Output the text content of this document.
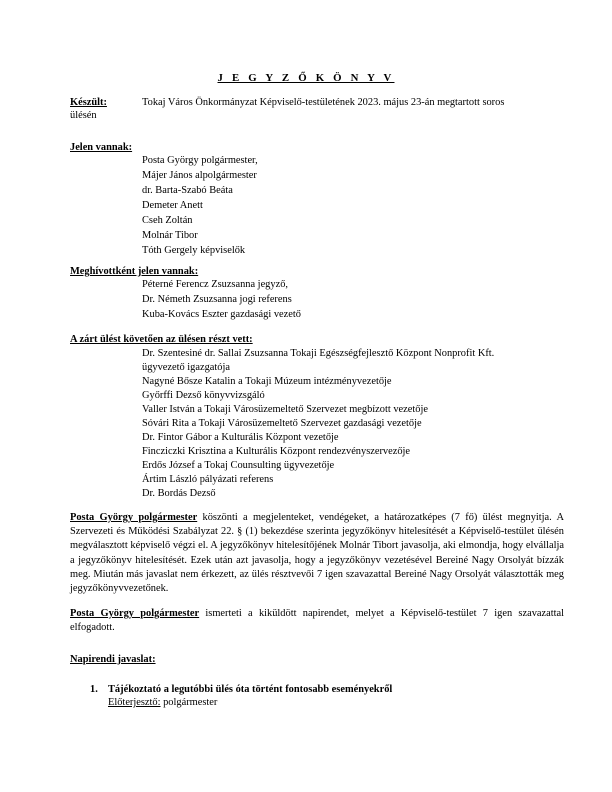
J E G Y Z Ő K Ö N Y V
Készült:	Tokaj Város Önkormányzat Képviselő-testületének 2023. május 23-án megtartott soros
ülésén
Jelen vannak:
Posta György polgármester,
Májer János alpolgármester
dr. Barta-Szabó Beáta
Demeter Anett
Cseh Zoltán
Molnár Tibor
Tóth Gergely képviselők
Meghívottként jelen vannak:
Péterné Ferencz Zsuzsanna jegyző,
Dr. Németh Zsuzsanna jogi referens
Kuba-Kovács Eszter gazdasági vezető
A zárt ülést követően az ülésen részt vett:
Dr. Szentesiné dr. Sallai Zsuzsanna Tokaji Egészségfejlesztő Központ Nonprofit Kft.
ügyvezető igazgatója
Nagyné Bősze Katalin a Tokaji Múzeum intézményvezetője
Győrffi Dezső könyvvizsgáló
Valler István a Tokaji Városüzemeltető Szervezet megbízott vezetője
Sóvári Rita a Tokaji Városüzemeltető Szervezet gazdasági vezetője
Dr. Fintor Gábor a Kulturális Központ vezetője
Fincziczki Krisztina a Kulturális Központ rendezvényszervezője
Erdős József a Tokaj Counsulting ügyvezetője
Ártim László pályázati referens
Dr. Bordás Dezső
Posta György polgármester köszönti a megjelenteket, vendégeket, a határozatképes (7 fő) ülést megnyitja. A Szervezeti és Működési Szabályzat 22. § (1) bekezdése szerinta jegyzőkönyv hitelesítését a Képviselő-testület ülésén megválasztott képviselő végzi el. A jegyzőkönyv hitelesítőjének Molnár Tibort javasolja, aki elmondja, hogy elvállalja a jegyzőkönyv hitelesítését. Ezek után azt javasolja, hogy a jegyzőkönyv vezetésével Bereiné Nagy Orsolyát bízzák meg. Miután más javaslat nem érkezett, az ülés résztvevői 7 igen szavazattal Bereiné Nagy Orsolyát választották meg jegyzőkönyvvezetőnek.
Posta György polgármester ismerteti a kiküldött napirendet, melyet a Képviselő-testület 7 igen szavazattal elfogadott.
Napirendi javaslat:
1. Tájékoztató a legutóbbi ülés óta történt fontosabb eseményekről
Előterjesztő: polgármester
